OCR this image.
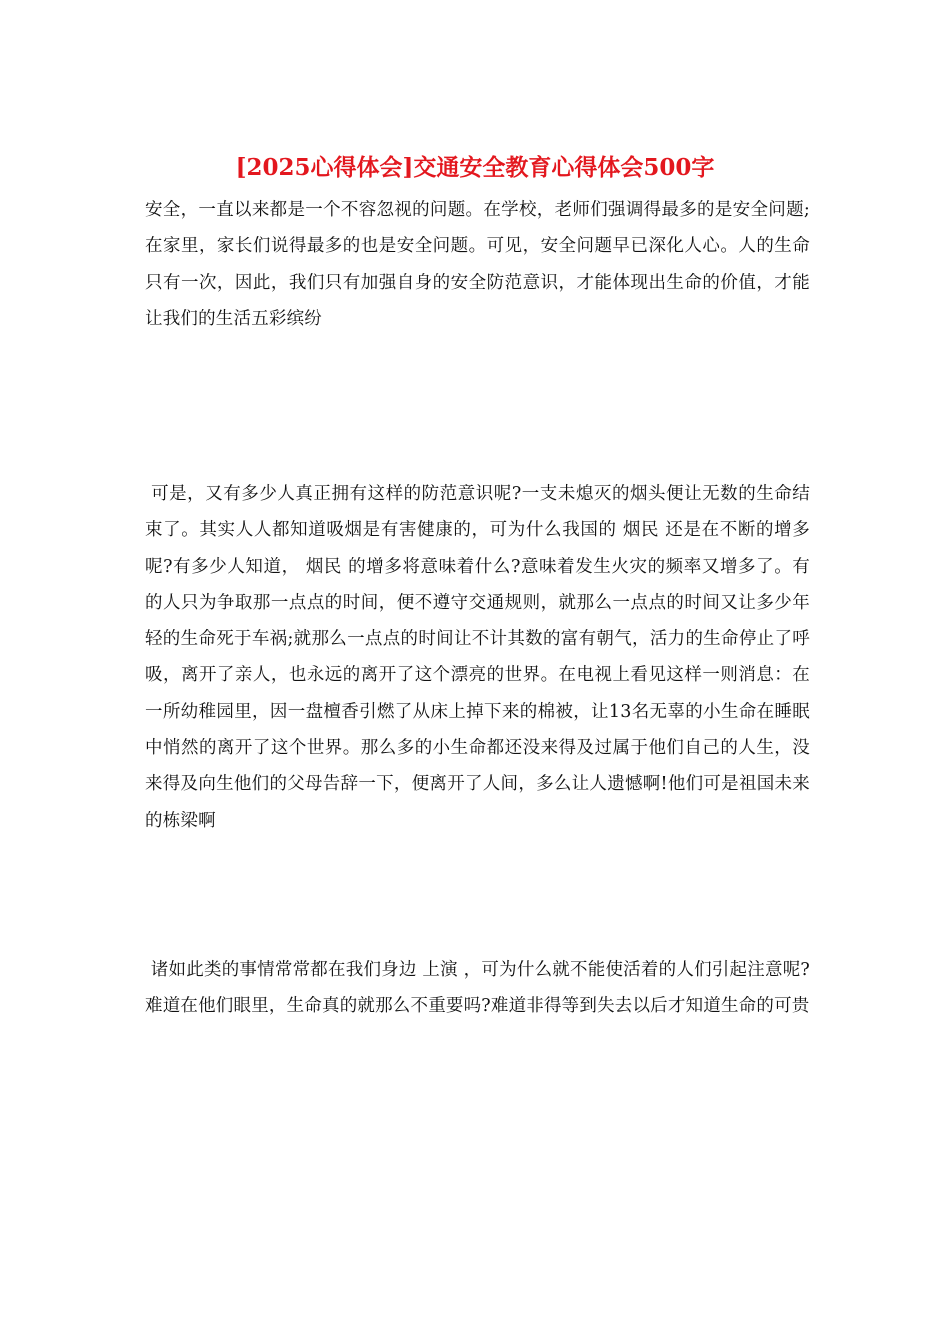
[2025心得体会]交通安全教育心得体会500字

安全，一直以来都是一个不容忽视的问题。在学校，老师们强调得最多的是安全问题;在家里，家长们说得最多的也是安全问题。可见，安全问题早已深化人心。人的生命只有一次，因此，我们只有加强自身的安全防范意识，才能体现出生命的价值，才能让我们的生活五彩缤纷

可是，又有多少人真正拥有这样的防范意识呢?一支未熄灭的烟头便让无数的生命结束了。其实人人都知道吸烟是有害健康的，可为什么我国的 烟民 还是在不断的增多呢?有多少人知道， 烟民 的增多将意味着什么?意味着发生火灾的频率又增多了。有的人只为争取那一点点的时间，便不遵守交通规则，就那么一点点的时间又让多少年轻的生命死于车祸;就那么一点点的时间让不计其数的富有朝气，活力的生命停止了呼吸，离开了亲人，也永远的离开了这个漂亮的世界。在电视上看见这样一则消息：在一所幼稚园里，因一盘檀香引燃了从床上掉下来的棉被，让13名无辜的小生命在睡眠中悄然的离开了这个世界。那么多的小生命都还没来得及过属于他们自己的人生，没来得及向生他们的父母告辞一下，便离开了人间，多么让人遗憾啊!他们可是祖国未来的栋梁啊

诸如此类的事情常常都在我们身边 上演 ，可为什么就不能使活着的人们引起注意呢?难道在他们眼里，生命真的就那么不重要吗?难道非得等到失去以后才知道生命的可贵
